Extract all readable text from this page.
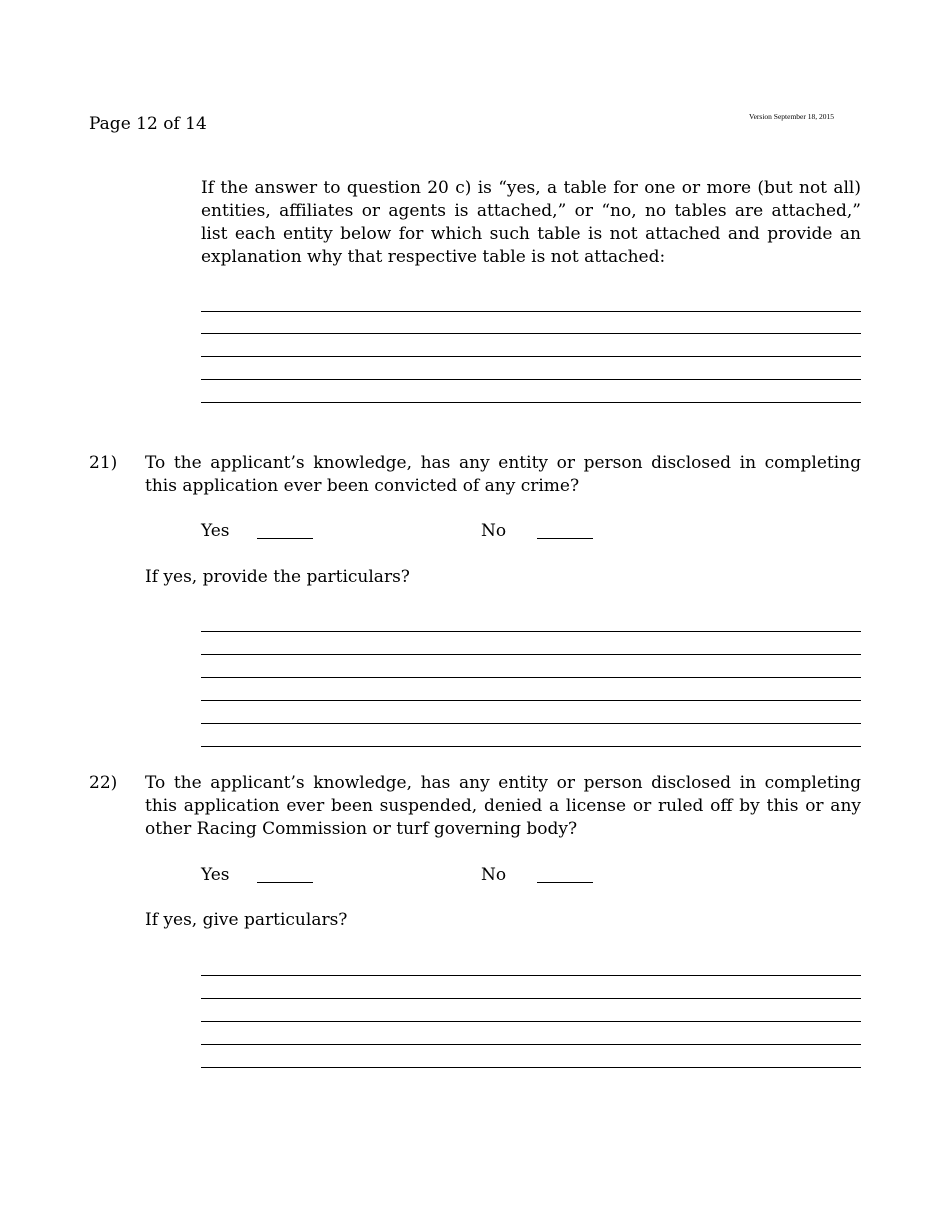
Page 12 of 14	Version September 18, 2015
If the answer to question 20 c) is “yes, a table for one or more (but not all)
entities, affiliates or agents is attached,” or “no, no tables are attached,”
list each entity below for which such table is not attached and provide an
explanation why that respective table is not attached:
21) To the applicant’s knowledge, has any entity or person disclosed in completing
this application ever been convicted of any crime?
Yes	No
If yes, provide the particulars?
22) To the applicant’s knowledge, has any entity or person disclosed in completing
this application ever been suspended, denied a license or ruled off by this or any
other Racing Commission or turf governing body?
Yes	No
If yes, give particulars?
